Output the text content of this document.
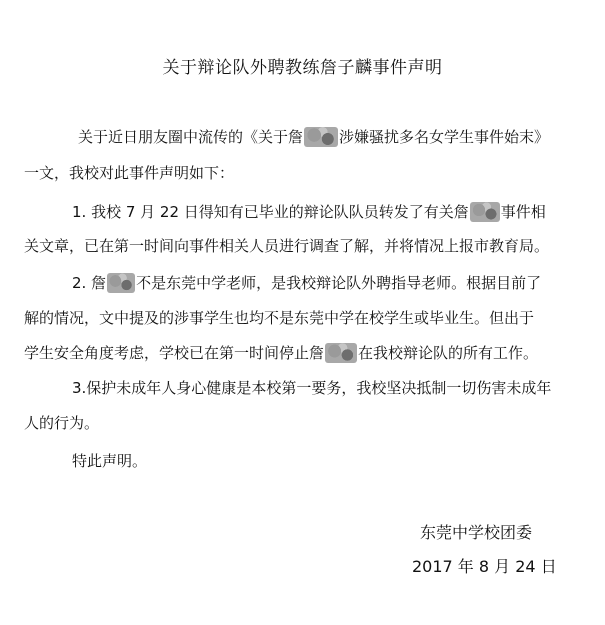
关于辩论队外聘教练詹子麟事件声明
关于近日朋友圈中流传的《关于詹 涉嫌骚扰多名女学生事件始末》
一文，我校对此事件声明如下：
1. 我校 7 月 22 日得知有已毕业的辩论队队员转发了有关詹 事件相
关文章，已在第一时间向事件相关人员进行调查了解，并将情况上报市教育局。
2. 詹 不是东莞中学老师，是我校辩论队外聘指导老师。根据目前了
解的情况，文中提及的涉事学生也均不是东莞中学在校学生或毕业生。但出于
学生安全角度考虑，学校已在第一时间停止詹 在我校辩论队的所有工作。
3.保护未成年人身心健康是本校第一要务，我校坚决抵制一切伤害未成年
人的行为。
特此声明。
东莞中学校团委
2017 年 8 月 24 日
